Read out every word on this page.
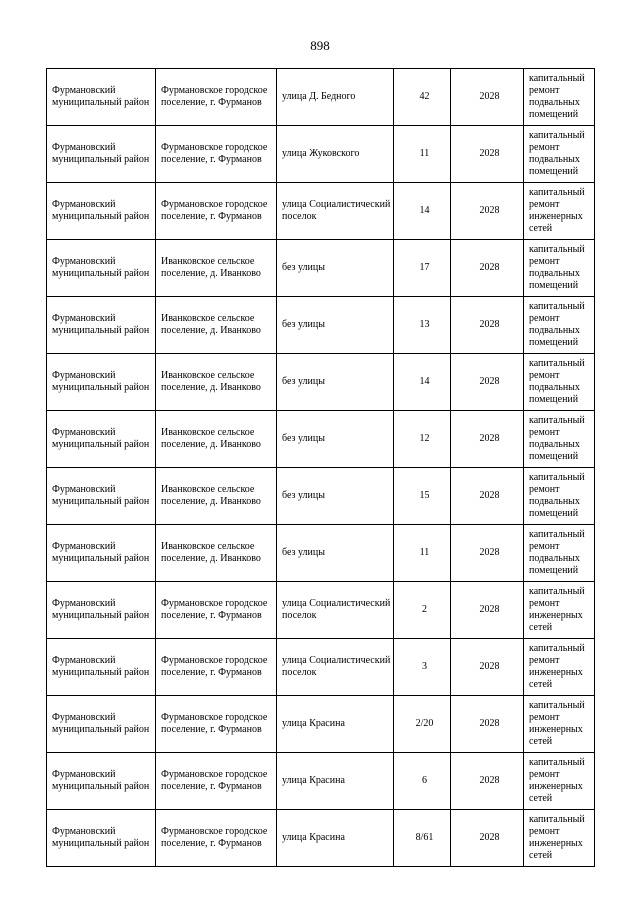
898
Фурмановский муниципальный район	Фурмановское городское поселение, г. Фурманов	улица Д. Бедного	42	2028	капитальный ремонт подвальных помещений
Фурмановский муниципальный район	Фурмановское городское поселение, г. Фурманов	улица Жуковского	11	2028	капитальный ремонт подвальных помещений
Фурмановский муниципальный район	Фурмановское городское поселение, г. Фурманов	улица Социалистический поселок	14	2028	капитальный ремонт инженерных сетей
Фурмановский муниципальный район	Иванковское сельское поселение, д. Иванково	без улицы	17	2028	капитальный ремонт подвальных помещений
Фурмановский муниципальный район	Иванковское сельское поселение, д. Иванково	без улицы	13	2028	капитальный ремонт подвальных помещений
Фурмановский муниципальный район	Иванковское сельское поселение, д. Иванково	без улицы	14	2028	капитальный ремонт подвальных помещений
Фурмановский муниципальный район	Иванковское сельское поселение, д. Иванково	без улицы	12	2028	капитальный ремонт подвальных помещений
Фурмановский муниципальный район	Иванковское сельское поселение, д. Иванково	без улицы	15	2028	капитальный ремонт подвальных помещений
Фурмановский муниципальный район	Иванковское сельское поселение, д. Иванково	без улицы	11	2028	капитальный ремонт подвальных помещений
Фурмановский муниципальный район	Фурмановское городское поселение, г. Фурманов	улица Социалистический поселок	2	2028	капитальный ремонт инженерных сетей
Фурмановский муниципальный район	Фурмановское городское поселение, г. Фурманов	улица Социалистический поселок	3	2028	капитальный ремонт инженерных сетей
Фурмановский муниципальный район	Фурмановское городское поселение, г. Фурманов	улица Красина	2/20	2028	капитальный ремонт инженерных сетей
Фурмановский муниципальный район	Фурмановское городское поселение, г. Фурманов	улица Красина	6	2028	капитальный ремонт инженерных сетей
Фурмановский муниципальный район	Фурмановское городское поселение, г. Фурманов	улица Красина	8/61	2028	капитальный ремонт инженерных сетей
